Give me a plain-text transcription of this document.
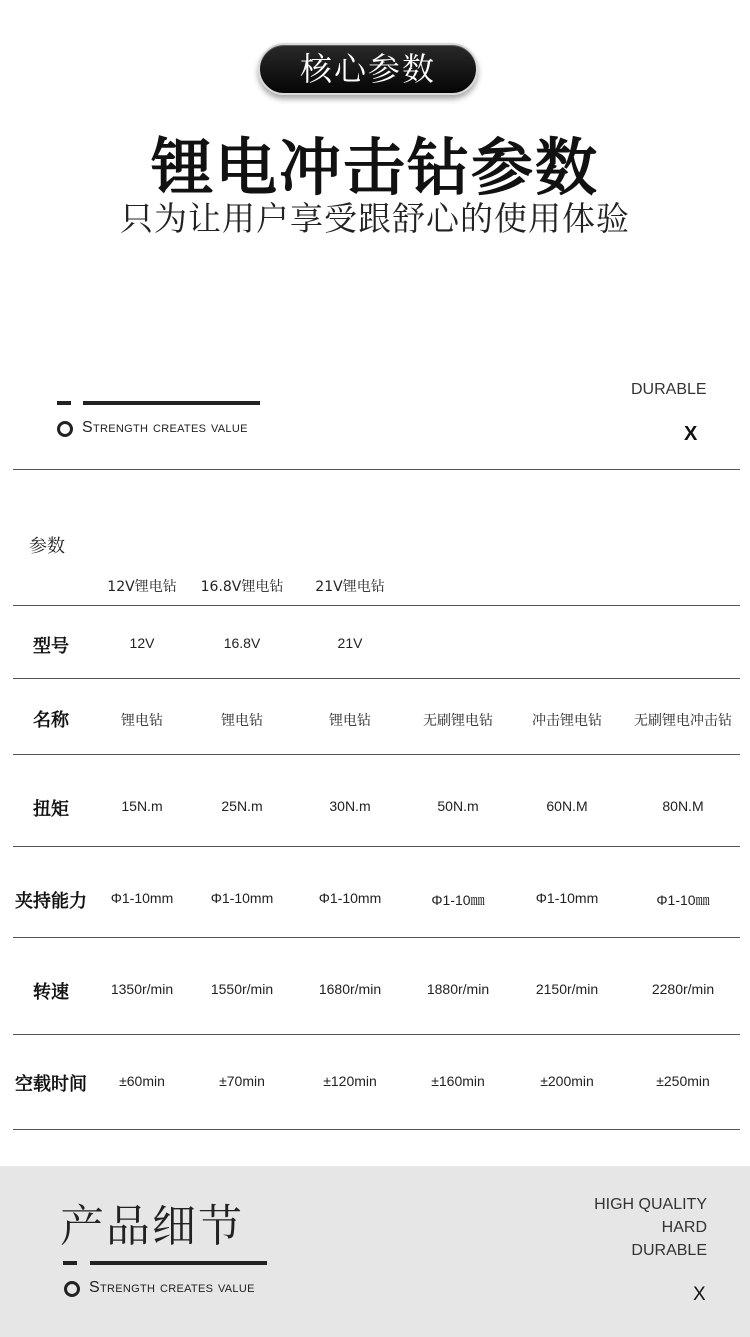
核心参数
锂电冲击钻参数
只为让用户享受跟舒心的使用体验
Strength creates value
DURABLE
X
参数
12V锂电钻	16.8V锂电钻	21V锂电钻
型号	12V	16.8V	21V
名称	锂电钻	锂电钻	锂电钻	无刷锂电钻	冲击锂电钻	无刷锂电冲击钻
扭矩	15N.m	25N.m	30N.m	50N.m	60N.M	80N.M
夹持能力	Φ1-10mm	Φ1-10mm	Φ1-10mm	Φ1-10㎜	Φ1-10mm	Φ1-10㎜
转速	1350r/min	1550r/min	1680r/min	1880r/min	2150r/min	2280r/min
空载时间	±60min	±70min	±120min	±160min	±200min	±250min
产品细节
Strength creates value
HIGH QUALITY
HARD
DURABLE
X
